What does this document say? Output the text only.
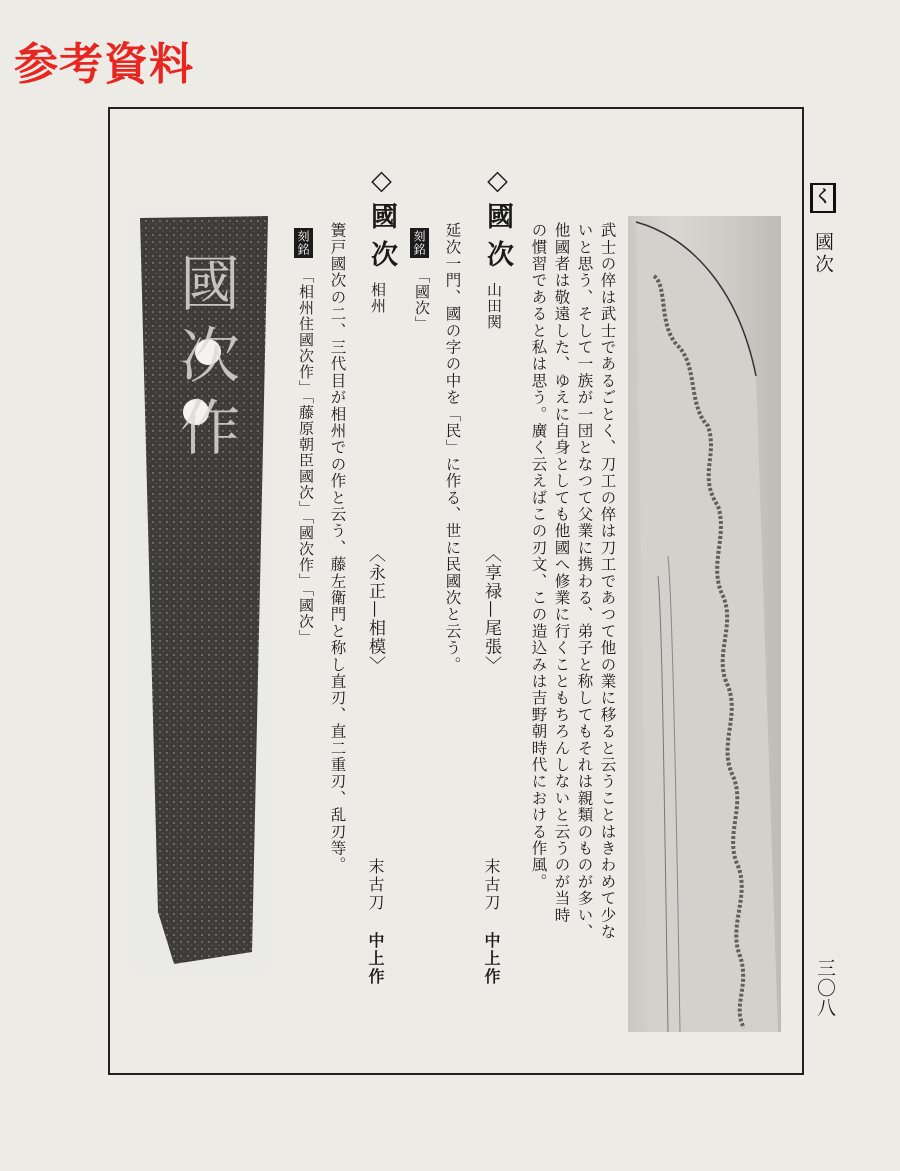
参考資料
く
國次
三〇八
國次作	武士の倅は武士であるごとく、刀工の倅は刀工であつて他の業に移ると云うことはきわめて少な
いと思う、そして一族が一団となつて父業に携わる、弟子と称してもそれは親類のものが多い、
他國者は敬遠した、ゆえに自身としても他國へ修業に行くこともちろんしないと云うのが当時
の慣習であると私は思う。廣く云えばこの刃文、この造込みは吉野朝時代における作風。
◇國
次
山田関
〈享禄—尾張〉
末古刀
中上作
延次一門、國の字の中を「民」に作る、世に民國次と云う。
刻銘
「國次」
◇國
次
相州
〈永正—相模〉
末古刀
中上作
簀戸國次の二、三代目が相州での作と云う、藤左衛門と称し直刃、直二重刃、乱刃等。
刻銘
「相州住國次作」「藤原朝臣國次」「國次作」「國次」
